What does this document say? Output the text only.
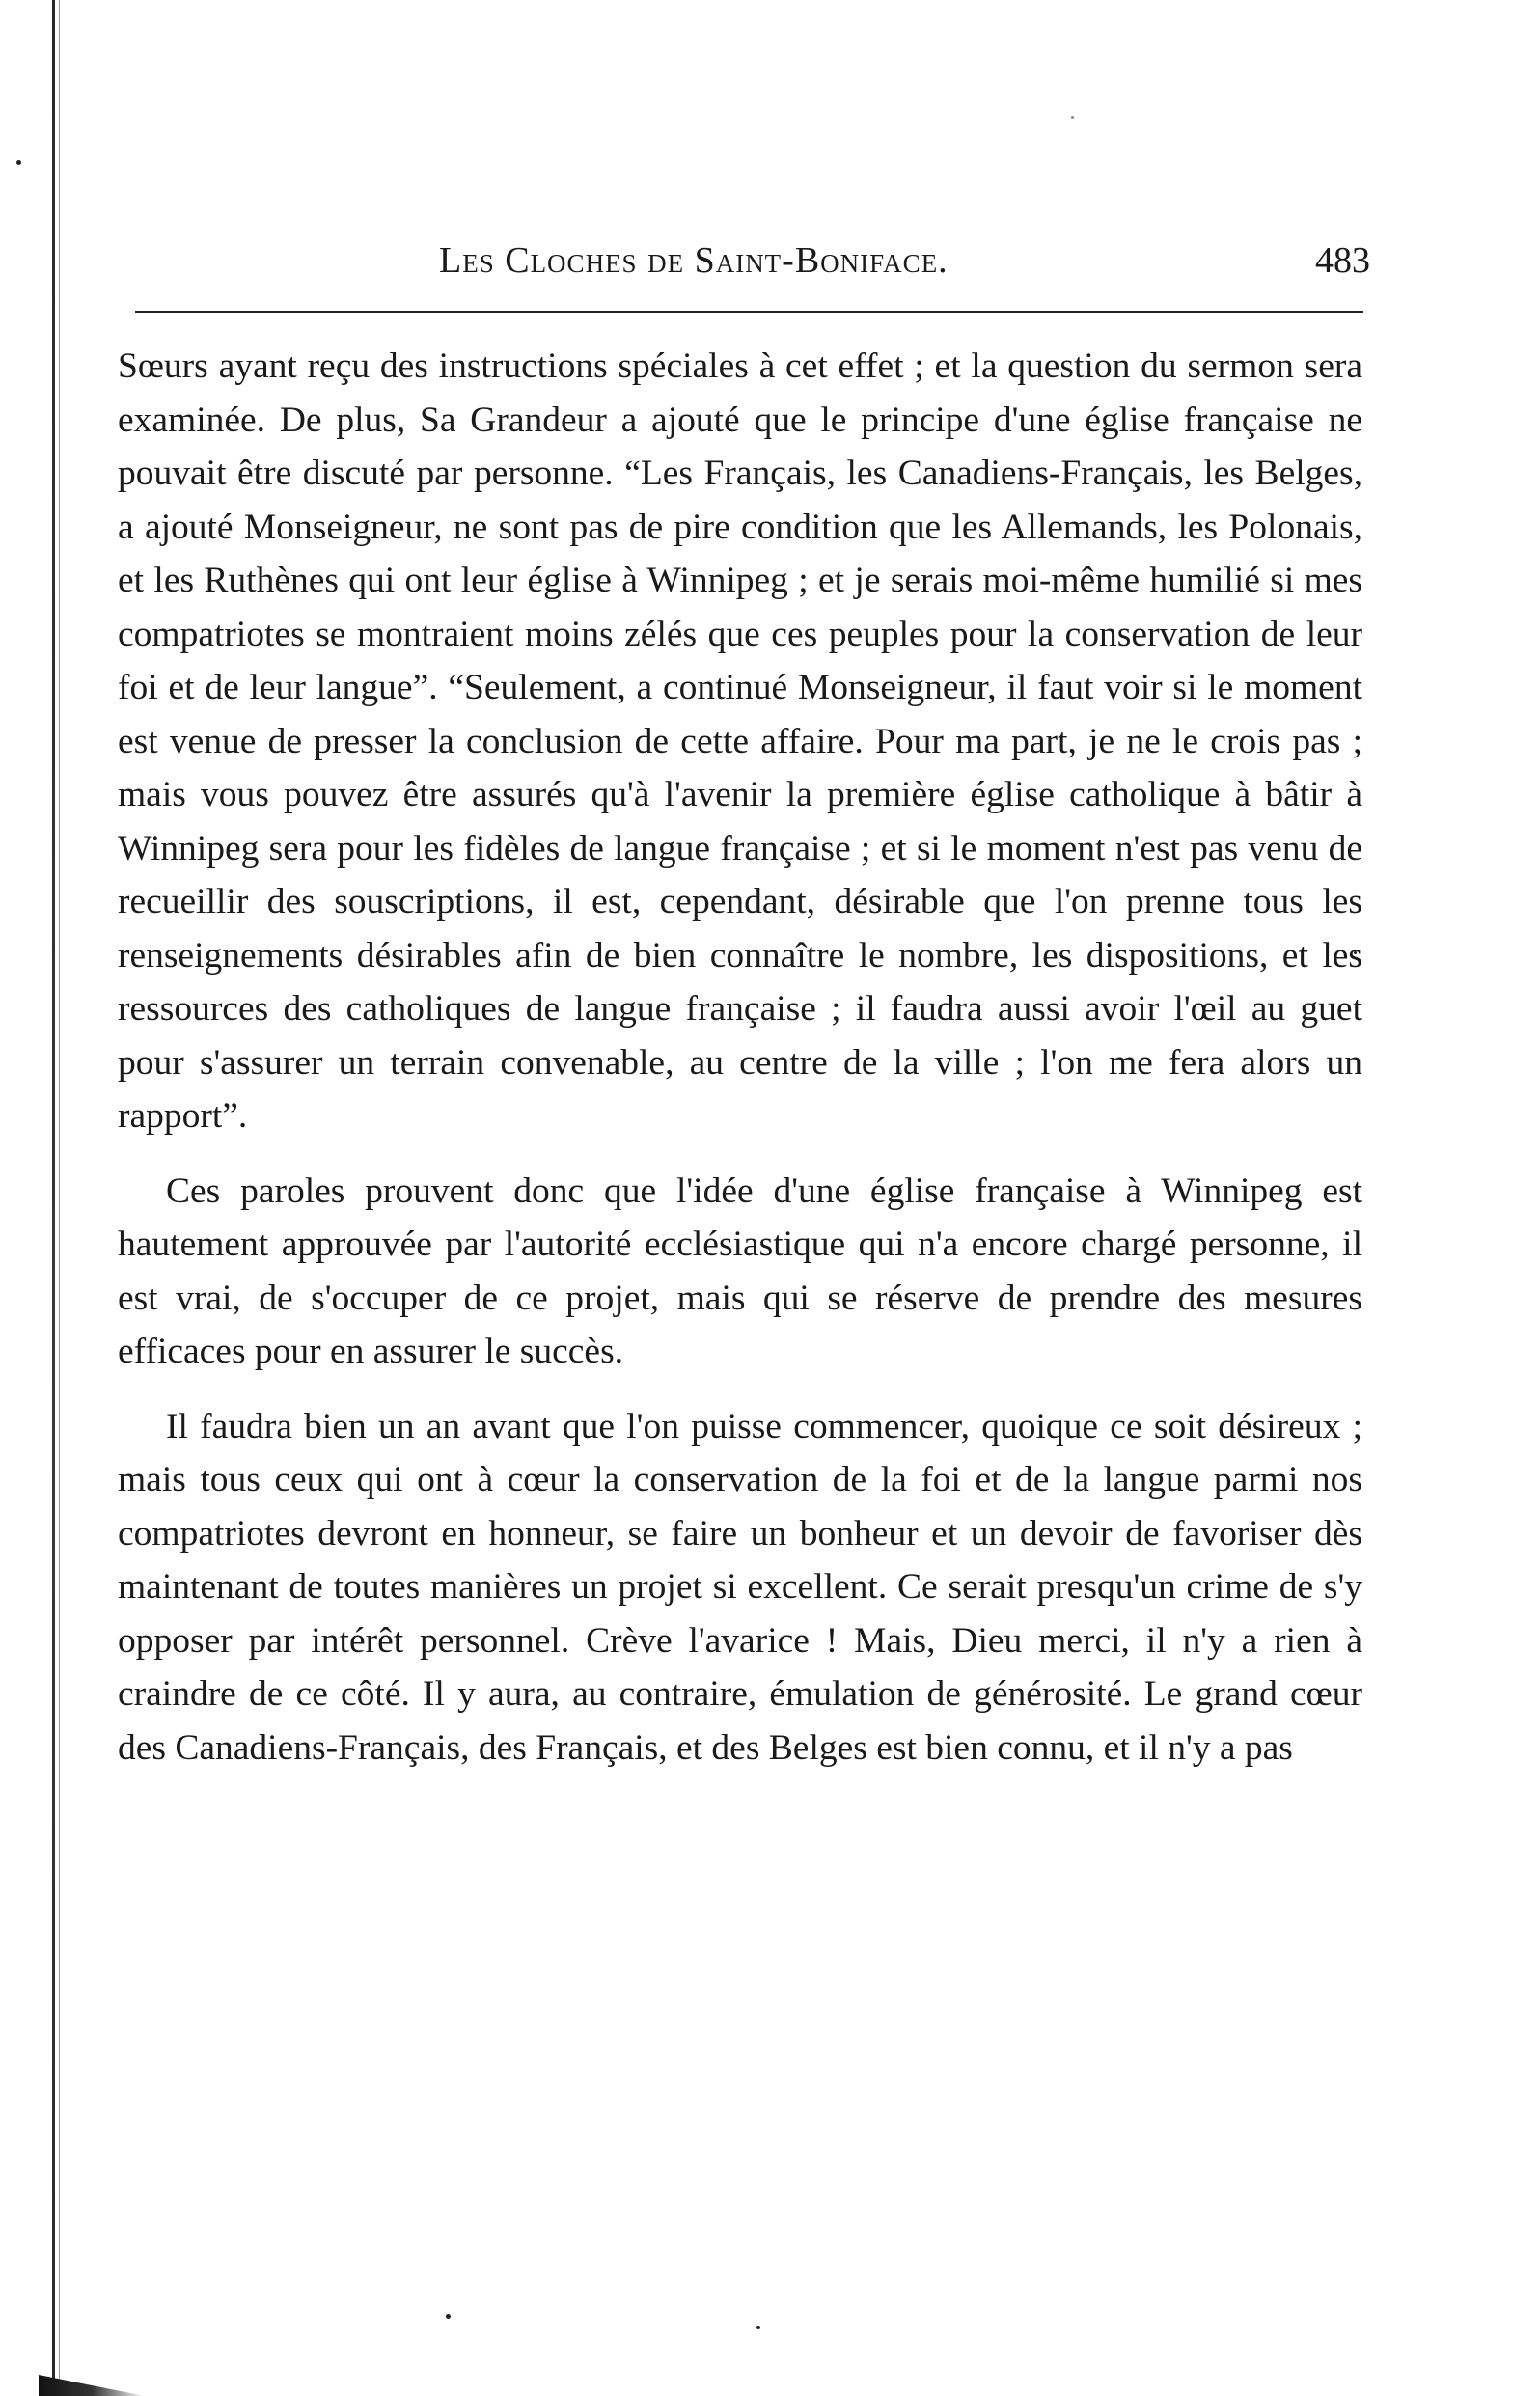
Les Cloches de Saint-Boniface.	483

Sœurs ayant reçu des instructions spéciales à cet effet ; et la question du sermon sera examinée. De plus, Sa Grandeur a ajouté que le principe d'une église française ne pouvait être discuté par personne. “Les Français, les Canadiens-Français, les Belges, a ajouté Monseigneur, ne sont pas de pire condition que les Allemands, les Polonais, et les Ruthènes qui ont leur église à Winnipeg ; et je serais moi-même humilié si mes compatriotes se montraient moins zélés que ces peuples pour la conservation de leur foi et de leur langue”. “Seulement, a continué Monseigneur, il faut voir si le moment est venue de presser la conclusion de cette affaire. Pour ma part, je ne le crois pas ; mais vous pouvez être assurés qu'à l'avenir la première église catholique à bâtir à Winnipeg sera pour les fidèles de langue française ; et si le moment n'est pas venu de recueillir des souscriptions, il est, cependant, désirable que l'on prenne tous les renseignements désirables afin de bien connaître le nombre, les dispositions, et les ressources des catholiques de langue française ; il faudra aussi avoir l'œil au guet pour s'assurer un terrain convenable, au centre de la ville ; l'on me fera alors un rapport”.

Ces paroles prouvent donc que l'idée d'une église française à Winnipeg est hautement approuvée par l'autorité ecclésiastique qui n'a encore chargé personne, il est vrai, de s'occuper de ce projet, mais qui se réserve de prendre des mesures efficaces pour en assurer le succès.

Il faudra bien un an avant que l'on puisse commencer, quoique ce soit désireux ; mais tous ceux qui ont à cœur la conservation de la foi et de la langue parmi nos compatriotes devront en honneur, se faire un bonheur et un devoir de favoriser dès maintenant de toutes manières un projet si excellent. Ce serait presqu'un crime de s'y opposer par intérêt personnel. Crève l'avarice ! Mais, Dieu merci, il n'y a rien à craindre de ce côté. Il y aura, au contraire, émulation de générosité. Le grand cœur des Canadiens-Français, des Français, et des Belges est bien connu, et il n'y a pas
